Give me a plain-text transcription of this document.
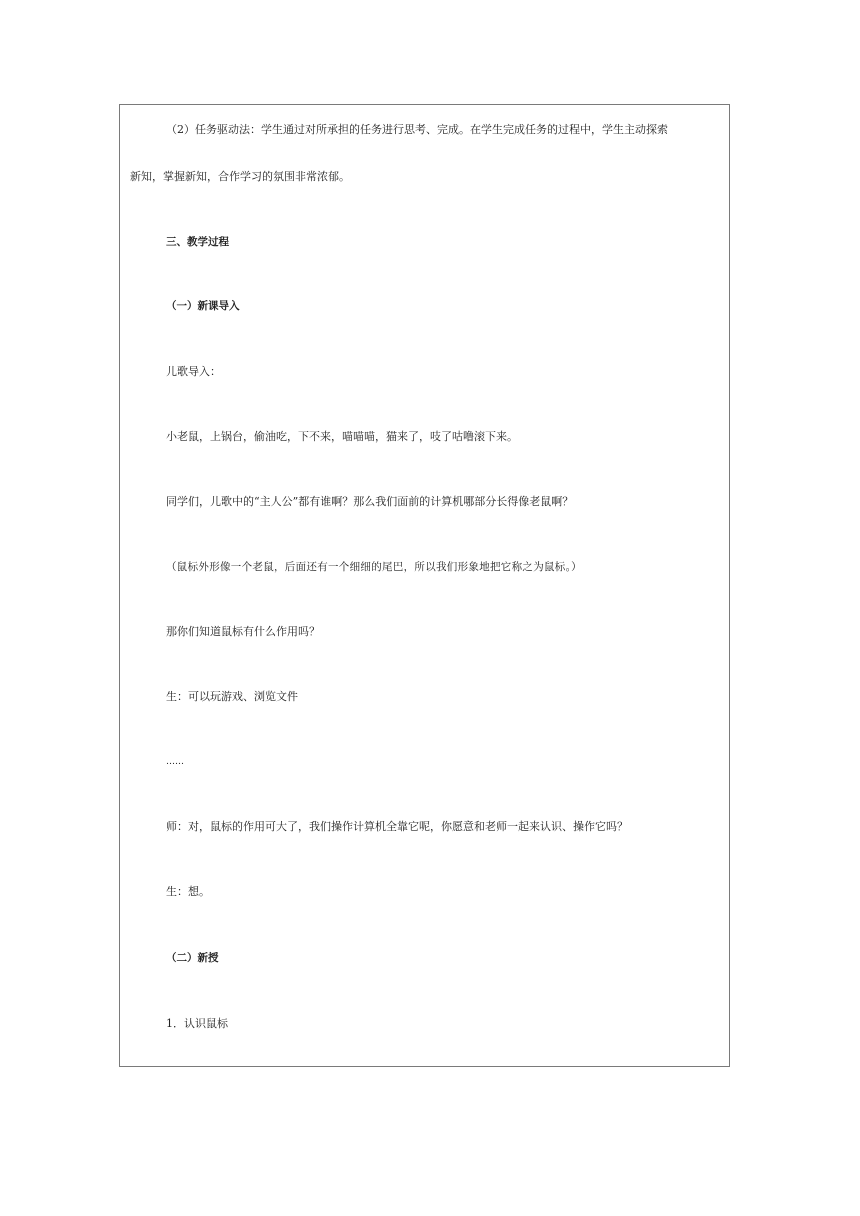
（2）任务驱动法：学生通过对所承担的任务进行思考、完成。在学生完成任务的过程中，学生主动探索
新知，掌握新知，合作学习的氛围非常浓郁。
三、教学过程
（一）新课导入
儿歌导入：
小老鼠，上锅台，偷油吃，下不来，喵喵喵，猫来了，吱了咕噜滚下来。
同学们，儿歌中的“主人公”都有谁啊？那么我们面前的计算机哪部分长得像老鼠啊？
（鼠标外形像一个老鼠，后面还有一个细细的尾巴，所以我们形象地把它称之为鼠标。）
那你们知道鼠标有什么作用吗？
生：可以玩游戏、浏览文件
……
师：对，鼠标的作用可大了，我们操作计算机全靠它呢，你愿意和老师一起来认识、操作它吗？
生：想。
（二）新授
1．认识鼠标
